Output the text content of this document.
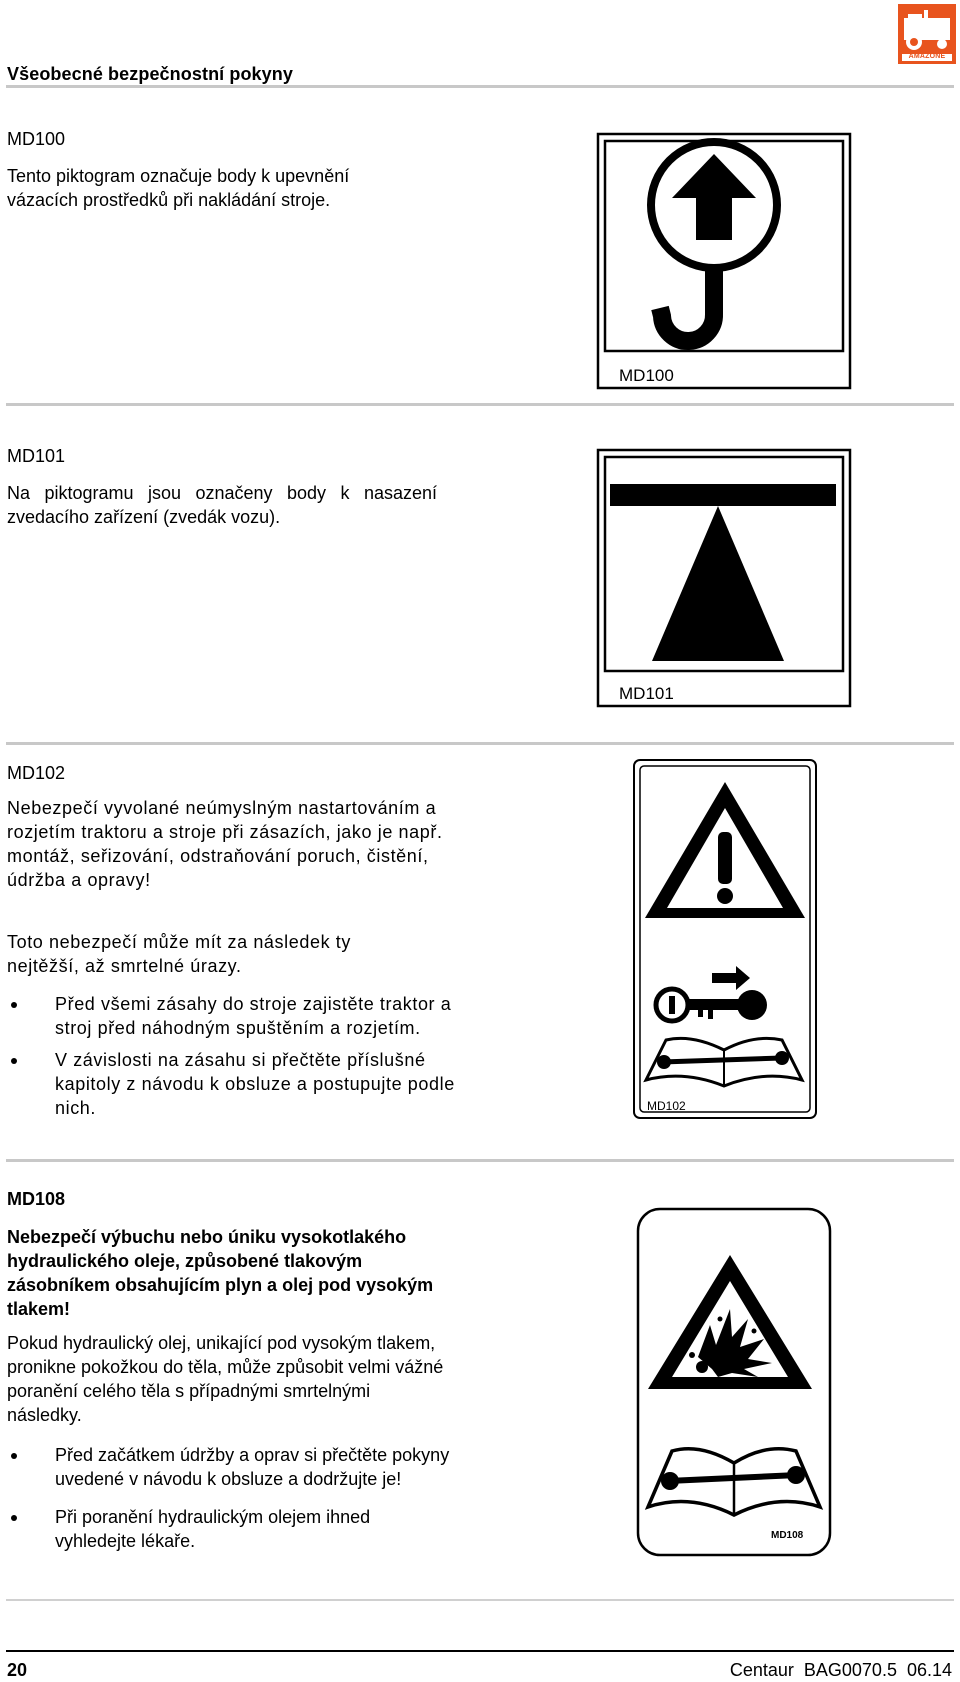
Všeobecné bezpečnostní pokyny
AMAZONE
MD100
Tento piktogram označuje body k upevnění vázacích prostředků při nakládání stroje.
MD100
MD101
Na piktogramu jsou označeny body k nasazení zvedacího zařízení (zvedák vozu).
MD101
MD102
Nebezpečí vyvolané neúmyslným nastartováním a rozjetím traktoru a stroje při zásazích, jako je např. montáž, seřizování, odstraňování poruch, čistění, údržba a opravy!
Toto nebezpečí může mít za následek ty nejtěžší, až smrtelné úrazy.
Před všemi zásahy do stroje zajistěte traktor a stroj před náhodným spuštěním a rozjetím.
V závislosti na zásahu si přečtěte příslušné kapitoly z návodu k obsluze a postupujte podle nich.	MD102
MD108
Nebezpečí výbuchu nebo úniku vysokotlakého hydraulického oleje, způsobené tlakovým zásobníkem obsahujícím plyn a olej pod vysokým tlakem!
Pokud hydraulický olej, unikající pod vysokým tlakem, pronikne pokožkou do těla, může způsobit velmi vážné poranění celého těla s případnými smrtelnými následky.
Před začátkem údržby a oprav si přečtěte pokyny uvedené v návodu k obsluze a dodržujte je!
Při poranění hydraulickým olejem ihned vyhledejte lékaře.	MD108
20	Centaur  BAG0070.5  06.14
